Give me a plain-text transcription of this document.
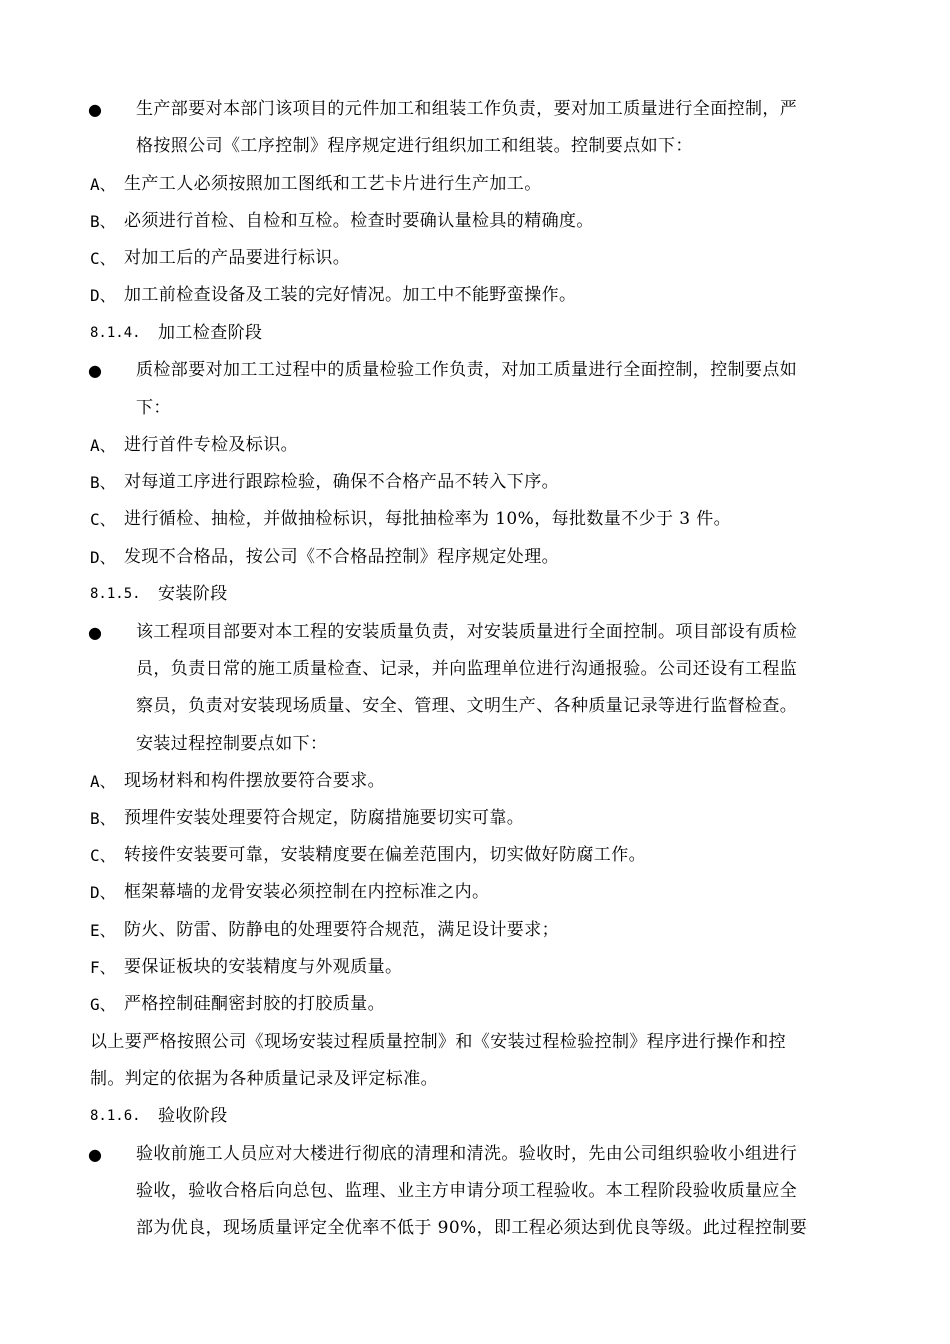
● 生产部要对本部门该项目的元件加工和组装工作负责，要对加工质量进行全面控制，严
格按照公司《工序控制》程序规定进行组织加工和组装。控制要点如下：
A、 生产工人必须按照加工图纸和工艺卡片进行生产加工。
B、 必须进行首检、自检和互检。检查时要确认量检具的精确度。
C、 对加工后的产品要进行标识。
D、 加工前检查设备及工装的完好情况。加工中不能野蛮操作。
8.1.4. 加工检查阶段
● 质检部要对加工工过程中的质量检验工作负责，对加工质量进行全面控制，控制要点如
下：
A、 进行首件专检及标识。
B、 对每道工序进行跟踪检验，确保不合格产品不转入下序。
C、 进行循检、抽检，并做抽检标识，每批抽检率为 10%，每批数量不少于 3 件。
D、 发现不合格品，按公司《不合格品控制》程序规定处理。
8.1.5. 安装阶段
● 该工程项目部要对本工程的安装质量负责，对安装质量进行全面控制。项目部设有质检
员，负责日常的施工质量检查、记录，并向监理单位进行沟通报验。公司还设有工程监
察员，负责对安装现场质量、安全、管理、文明生产、各种质量记录等进行监督检查。
安装过程控制要点如下：
A、 现场材料和构件摆放要符合要求。
B、 预埋件安装处理要符合规定，防腐措施要切实可靠。
C、 转接件安装要可靠，安装精度要在偏差范围内，切实做好防腐工作。
D、 框架幕墙的龙骨安装必须控制在内控标准之内。
E、 防火、防雷、防静电的处理要符合规范，满足设计要求；
F、 要保证板块的安装精度与外观质量。
G、 严格控制硅酮密封胶的打胶质量。
以上要严格按照公司《现场安装过程质量控制》和《安装过程检验控制》程序进行操作和控
制。判定的依据为各种质量记录及评定标准。
8.1.6. 验收阶段
● 验收前施工人员应对大楼进行彻底的清理和清洗。验收时，先由公司组织验收小组进行
验收，验收合格后向总包、监理、业主方申请分项工程验收。本工程阶段验收质量应全
部为优良，现场质量评定全优率不低于 90%，即工程必须达到优良等级。此过程控制要
